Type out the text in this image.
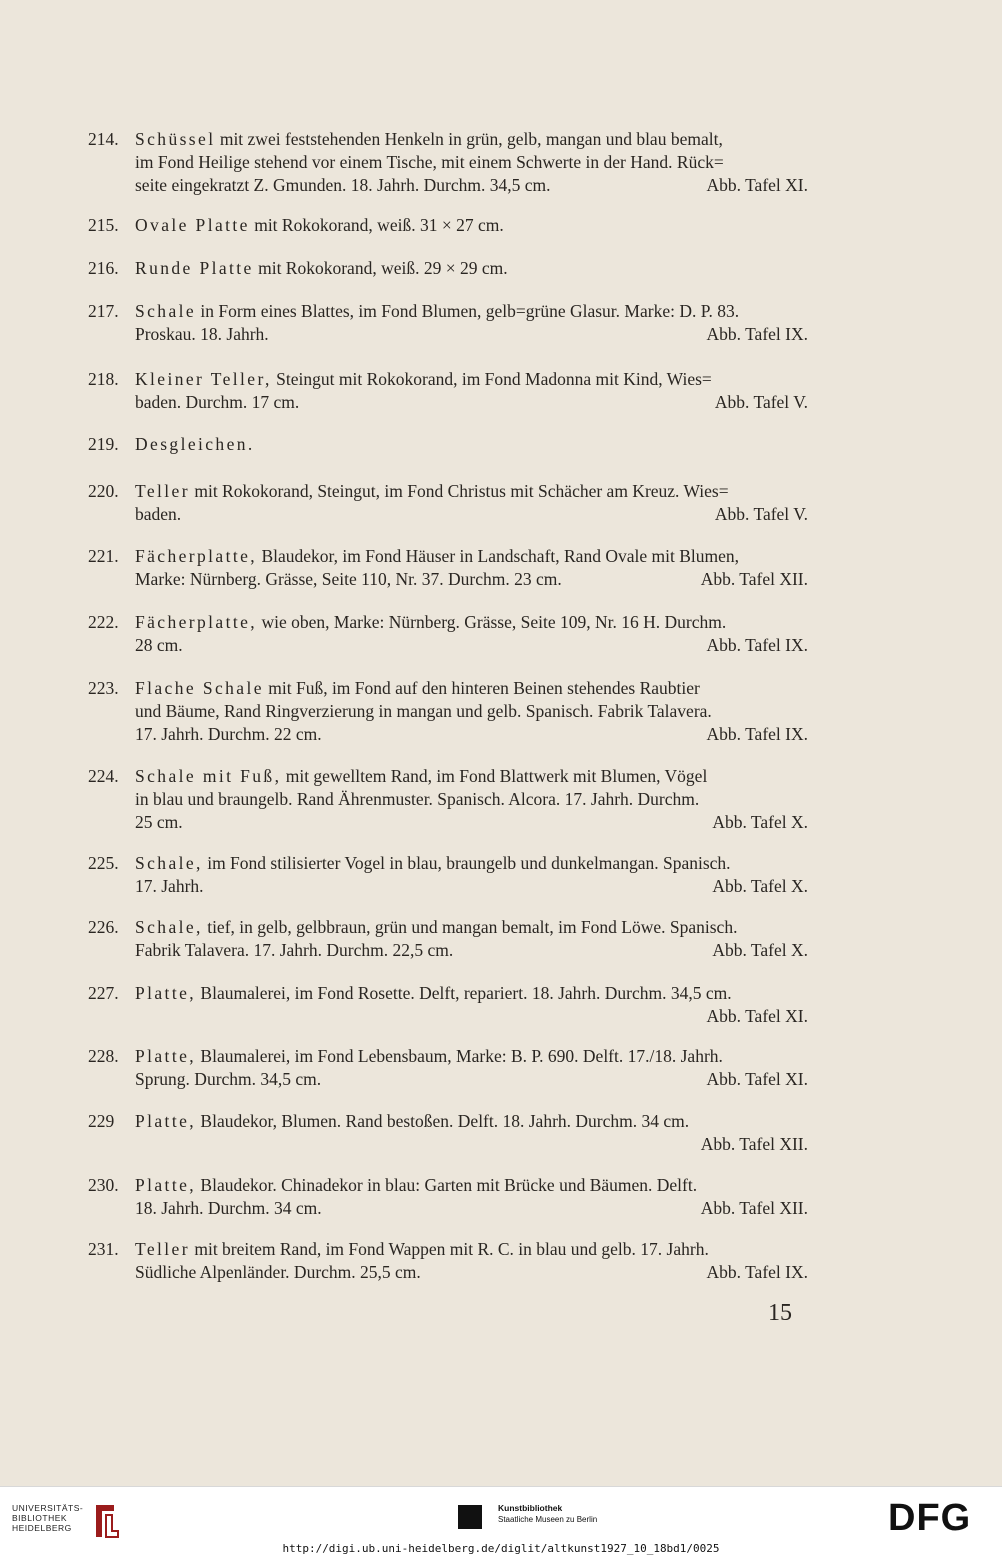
214. Schüssel mit zwei feststehenden Henkeln in grün, gelb, mangan und blau bemalt,
im Fond Heilige stehend vor einem Tische, mit einem Schwerte in der Hand. Rück=
seite eingekratzt Z. Gmunden. 18. Jahrh. Durchm. 34,5 cm.	Abb. Tafel XI.
215. Ovale Platte mit Rokokorand, weiß. 31 × 27 cm.
216. Runde Platte mit Rokokorand, weiß. 29 × 29 cm.
217. Schale in Form eines Blattes, im Fond Blumen, gelb=grüne Glasur. Marke: D. P. 83.
Proskau. 18. Jahrh.	Abb. Tafel IX.
218. Kleiner Teller, Steingut mit Rokokorand, im Fond Madonna mit Kind, Wies=
baden. Durchm. 17 cm.	Abb. Tafel V.
219. Desgleichen.
220. Teller mit Rokokorand, Steingut, im Fond Christus mit Schächer am Kreuz. Wies=
baden.	Abb. Tafel V.
221. Fächerplatte, Blaudekor, im Fond Häuser in Landschaft, Rand Ovale mit Blumen,
Marke: Nürnberg. Grässe, Seite 110, Nr. 37. Durchm. 23 cm.	Abb. Tafel XII.
222. Fächerplatte, wie oben, Marke: Nürnberg. Grässe, Seite 109, Nr. 16 H. Durchm.
28 cm.	Abb. Tafel IX.
223. Flache Schale mit Fuß, im Fond auf den hinteren Beinen stehendes Raubtier
und Bäume, Rand Ringverzierung in mangan und gelb. Spanisch. Fabrik Talavera.
17. Jahrh. Durchm. 22 cm.	Abb. Tafel IX.
224. Schale mit Fuß, mit gewelltem Rand, im Fond Blattwerk mit Blumen, Vögel
in blau und braungelb. Rand Ährenmuster. Spanisch. Alcora. 17. Jahrh. Durchm.
25 cm.	Abb. Tafel X.
225. Schale, im Fond stilisierter Vogel in blau, braungelb und dunkelmangan. Spanisch.
17. Jahrh.	Abb. Tafel X.
226. Schale, tief, in gelb, gelbbraun, grün und mangan bemalt, im Fond Löwe. Spanisch.
Fabrik Talavera. 17. Jahrh. Durchm. 22,5 cm.	Abb. Tafel X.
227. Platte, Blaumalerei, im Fond Rosette. Delft, repariert. 18. Jahrh. Durchm. 34,5 cm.
Abb. Tafel XI.
228. Platte, Blaumalerei, im Fond Lebensbaum, Marke: B. P. 690. Delft. 17./18. Jahrh.
Sprung. Durchm. 34,5 cm.	Abb. Tafel XI.
229	Platte, Blaudekor, Blumen. Rand bestoßen. Delft. 18. Jahrh. Durchm. 34 cm.
Abb. Tafel XII.
230. Platte, Blaudekor. Chinadekor in blau: Garten mit Brücke und Bäumen. Delft.
18. Jahrh. Durchm. 34 cm.	Abb. Tafel XII.
231. Teller mit breitem Rand, im Fond Wappen mit R. C. in blau und gelb. 17. Jahrh.
Südliche Alpenländer. Durchm. 25,5 cm.	Abb. Tafel IX.
15
UNIVERSITÄTS-
BIBLIOTHEK
HEIDELBERG
Kunstbibliothek
Staatliche Museen zu Berlin	DFG
http://digi.ub.uni-heidelberg.de/diglit/altkunst1927_10_18bd1/0025
